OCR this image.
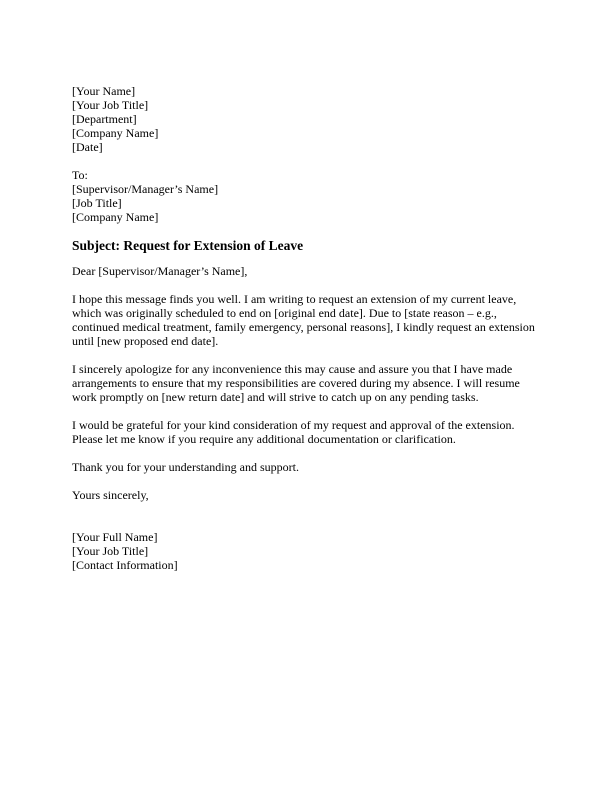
[Your Name]
[Your Job Title]
[Department]
[Company Name]
[Date]

To:
[Supervisor/Manager’s Name]
[Job Title]
[Company Name]

Subject: Request for Extension of Leave

Dear [Supervisor/Manager’s Name],

I hope this message finds you well. I am writing to request an extension of my current leave, which was originally scheduled to end on [original end date]. Due to [state reason – e.g., continued medical treatment, family emergency, personal reasons], I kindly request an extension until [new proposed end date].

I sincerely apologize for any inconvenience this may cause and assure you that I have made arrangements to ensure that my responsibilities are covered during my absence. I will resume work promptly on [new return date] and will strive to catch up on any pending tasks.

I would be grateful for your kind consideration of my request and approval of the extension. Please let me know if you require any additional documentation or clarification.

Thank you for your understanding and support.

Yours sincerely,

[Your Full Name]
[Your Job Title]
[Contact Information]
